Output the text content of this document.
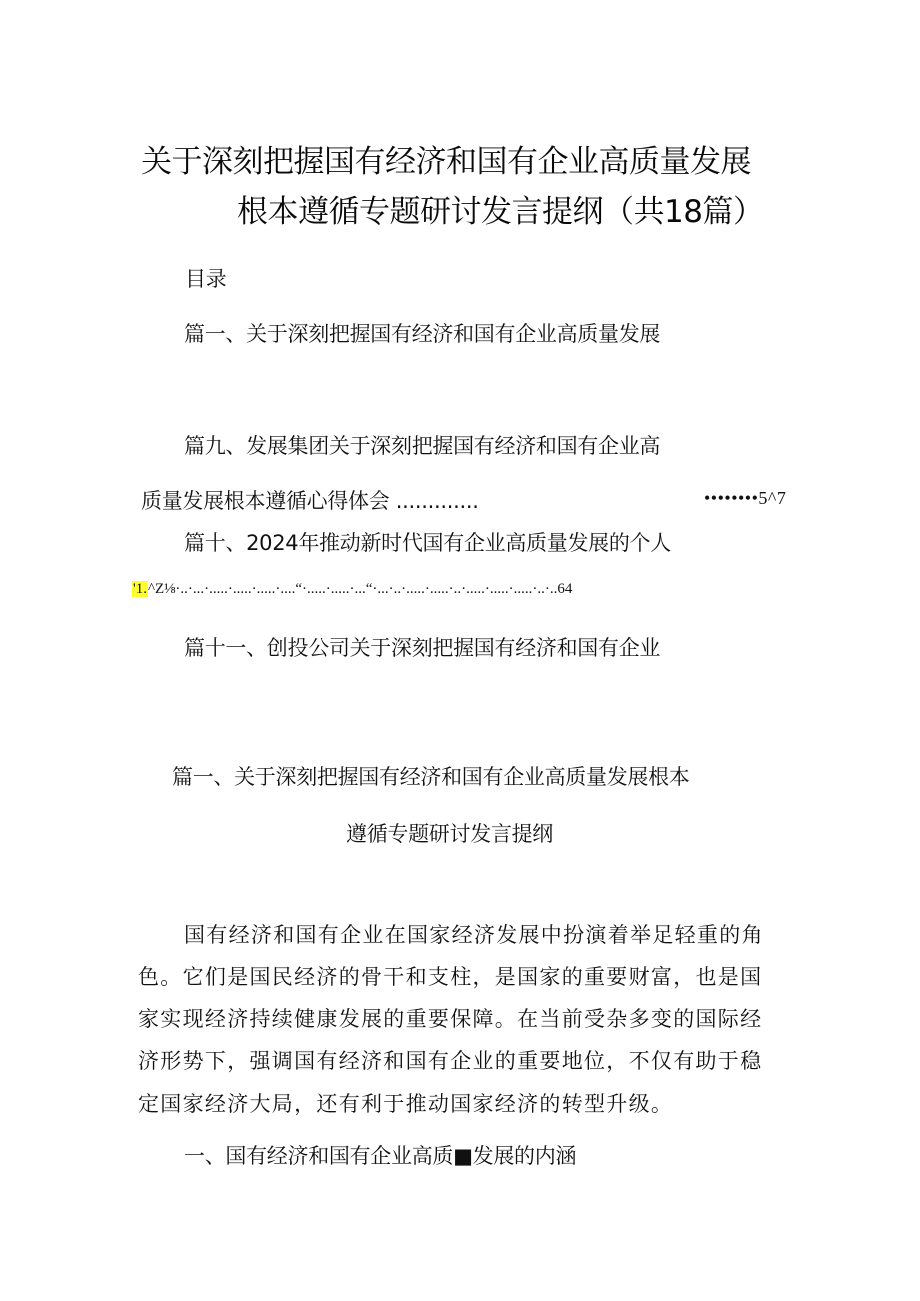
关于深刻把握国有经济和国有企业高质量发展
根本遵循专题研讨发言提纲（共18篇）

目录

篇一、关于深刻把握国有经济和国有企业高质量发展

篇九、发展集团关于深刻把握国有经济和国有企业高

质量发展根本遵循心得体会 .............	••••••••5^7

篇十、2024年推动新时代国有企业高质量发展的个人

'1.^Z⅛·..·...·.....·.....·.....·....“·.....·.....·...“·...·..·.....·.....·..·.....·.....·.....·..·..64

篇十一、创投公司关于深刻把握国有经济和国有企业

篇一、关于深刻把握国有经济和国有企业高质量发展根本
遵循专题研讨发言提纲

国有经济和国有企业在国家经济发展中扮演着举足轻重的角

色。它们是国民经济的骨干和支柱，是国家的重要财富，也是国

家实现经济持续健康发展的重要保障。在当前受杂多变的国际经

济形势下，强调国有经济和国有企业的重要地位，不仅有助于稳

定国家经济大局，还有利于推动国家经济的转型升级。

一、国有经济和国有企业高质■发展的内涵
